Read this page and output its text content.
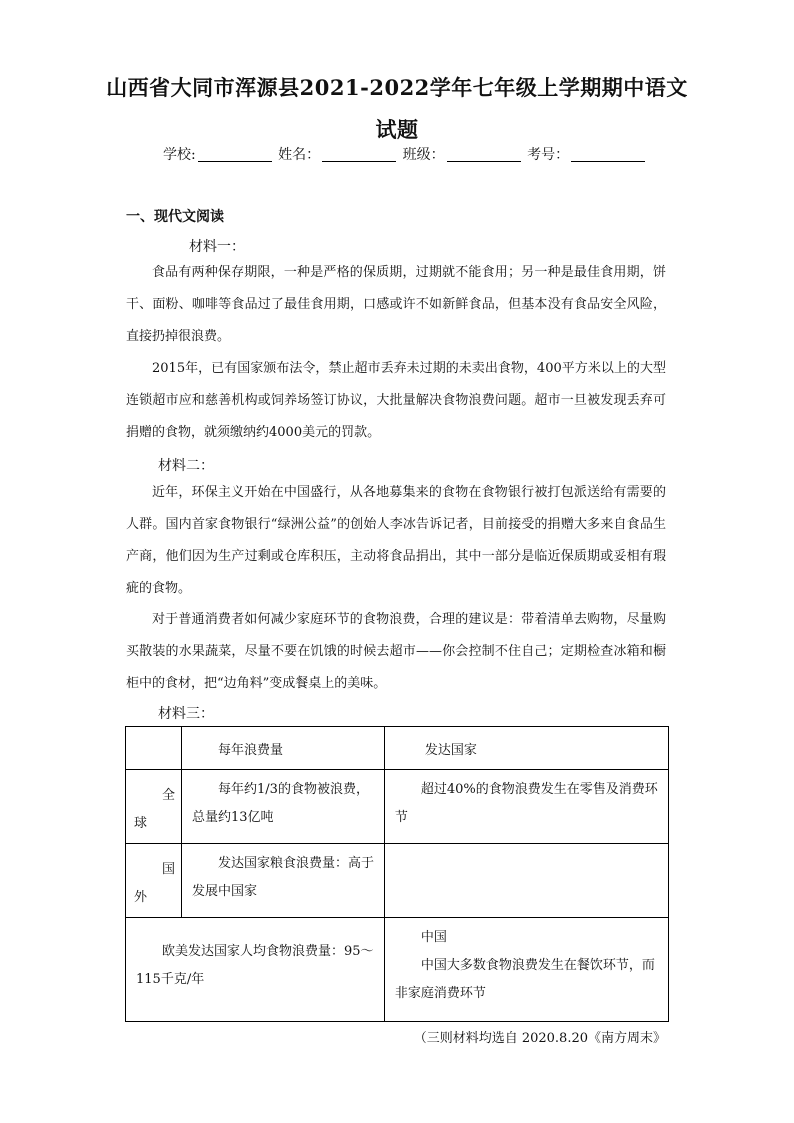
山西省大同市浑源县2021-2022学年七年级上学期期中语文
试题
学校:	姓名：	班级：	考号：
一、现代文阅读
材料一：
食品有两种保存期限，一种是严格的保质期，过期就不能食用；另一种是最佳食用期，饼干、面粉、咖啡等食品过了最佳食用期，口感或许不如新鲜食品，但基本没有食品安全风险，直接扔掉很浪费。
2015年，已有国家颁布法令，禁止超市丢弃未过期的未卖出食物，400平方米以上的大型连锁超市应和慈善机构或饲养场签订协议，大批量解决食物浪费问题。超市一旦被发现丢弃可捐赠的食物，就须缴纳约4000美元的罚款。
材料二：
近年，环保主义开始在中国盛行，从各地募集来的食物在食物银行被打包派送给有需要的人群。国内首家食物银行“绿洲公益”的创始人李冰告诉记者，目前接受的捐赠大多来自食品生产商，他们因为生产过剩或仓库积压，主动将食品捐出，其中一部分是临近保质期或妥相有瑕疵的食物。
对于普通消费者如何减少家庭环节的食物浪费，合理的建议是：带着清单去购物，尽量购买散装的水果蔬菜，尽量不要在饥饿的时候去超市——你会控制不住自己；定期检查冰箱和橱柜中的食材，把“边角料”变成餐桌上的美味。
材料三：

	每年浪费量	发达国家

全球	每年约1/3的食物被浪费，总量约13亿吨	超过40%的食物浪费发生在零售及消费环节

国外	发达国家粮食浪费量：高于发展中国家	

欧美发达国家人均食物浪费量：95～115千克/年		中国
中国大多数食物浪费发生在餐饮环节，而非家庭消费环节
（三则材料均选自 2020.8.20《南方周末》
